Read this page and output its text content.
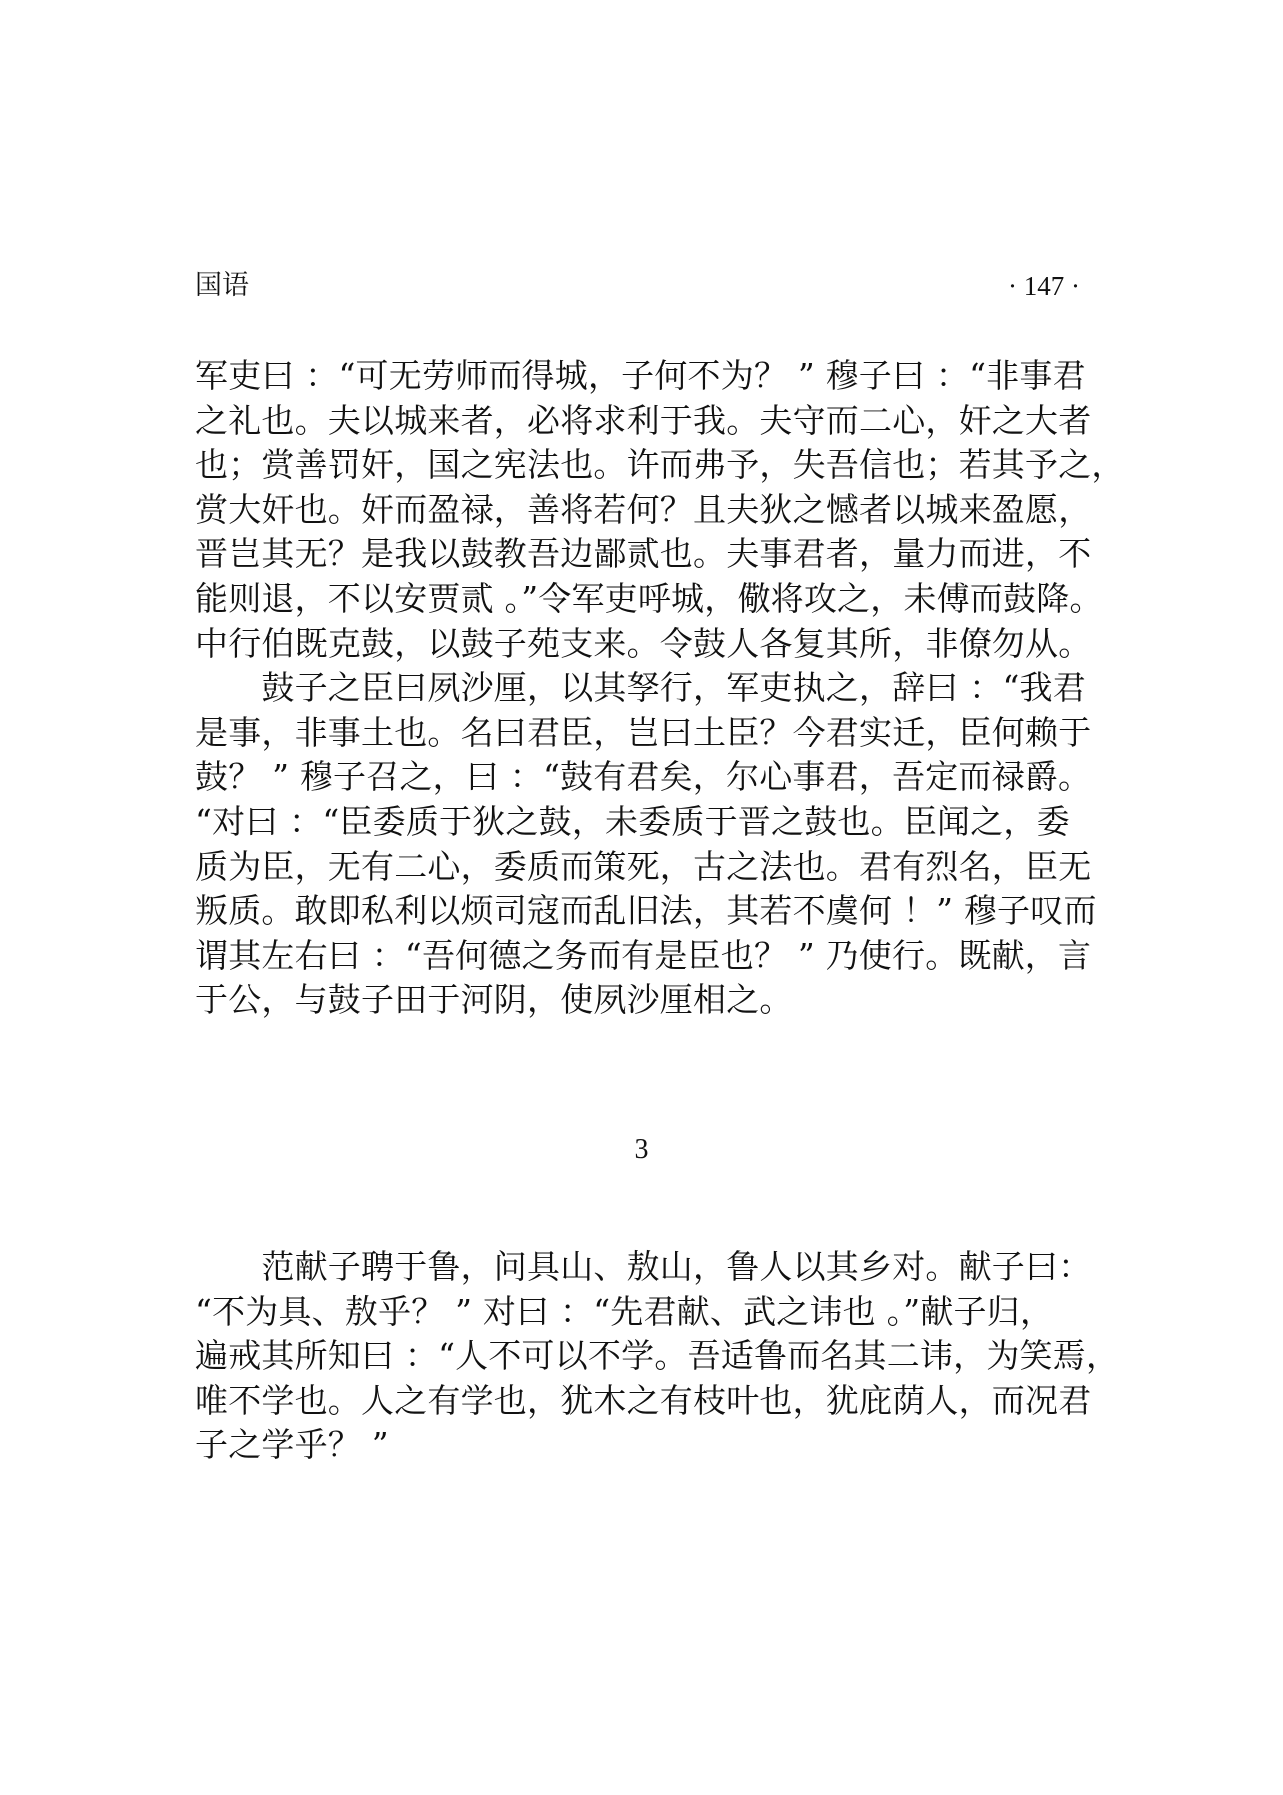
国语	· 147 ·
军吏曰 ：“可无劳师而得城，子何不为？ ” 穆子曰 ：“非事君
之礼也。夫以城来者，必将求利于我。夫守而二心，奸之大者
也；赏善罚奸，国之宪法也。许而弗予，失吾信也；若其予之，
赏大奸也。奸而盈禄，善将若何？且夫狄之憾者以城来盈愿，
晋岂其无？是我以鼓教吾边鄙贰也。夫事君者，量力而进，不
能则退，不以安贾贰 。”令军吏呼城，儆将攻之，未傅而鼓降。
中行伯既克鼓，以鼓子苑支来。令鼓人各复其所，非僚勿从。
　　鼓子之臣曰夙沙厘，以其孥行，军吏执之，辞曰 ：“我君
是事，非事土也。名曰君臣，岂曰土臣？今君实迁，臣何赖于
鼓？ ” 穆子召之，曰 ：“鼓有君矣，尔心事君，吾定而禄爵。
“对曰 ：“臣委质于狄之鼓，未委质于晋之鼓也。臣闻之，委
质为臣，无有二心，委质而策死，古之法也。君有烈名，臣无
叛质。敢即私利以烦司寇而乱旧法，其若不虞何 ！” 穆子叹而
谓其左右曰 ：“吾何德之务而有是臣也？ ” 乃使行。既献，言
于公，与鼓子田于河阴，使夙沙厘相之。
3
　　范献子聘于鲁，问具山、敖山，鲁人以其乡对。献子曰：
“不为具、敖乎？ ” 对曰 ：“先君献、武之讳也 。”献子归，
遍戒其所知曰 ：“人不可以不学。吾适鲁而名其二讳，为笑焉，
唯不学也。人之有学也，犹木之有枝叶也，犹庇荫人，而况君
子之学乎？ ”
